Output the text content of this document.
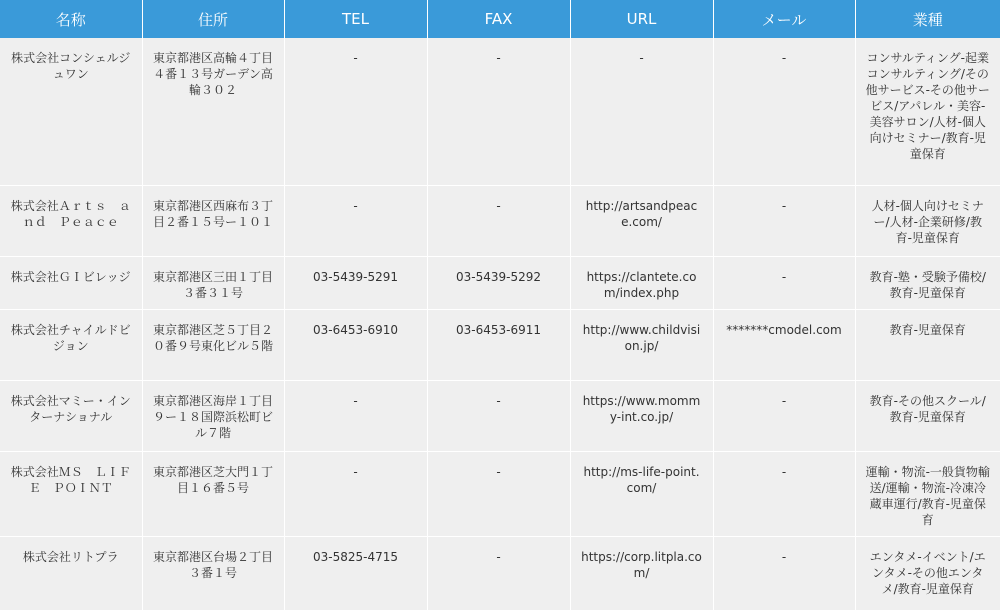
名称	住所	TEL	FAX	URL	メール	業種
株式会社コンシェルジュワン	東京都港区高輪４丁目４番１３号ガーデン高輪３０２	-	-	-	-	コンサルティング-起業コンサルティング/その他サービス-その他サービス/アパレル・美容-美容サロン/人材-個人向けセミナー/教育-児童保育
株式会社Ａｒｔｓ　ａｎｄ　Ｐｅａｃｅ	東京都港区西麻布３丁目２番１５号ー１０１	-	-	http://artsandpeace.com/	-	人材-個人向けセミナー/人材-企業研修/教育-児童保育
株式会社ＧＩビレッジ	東京都港区三田１丁目３番３１号	03-5439-5291	03-5439-5292	https://clantete.com/index.php	-	教育-塾・受験予備校/教育-児童保育
株式会社チャイルドビジョン	東京都港区芝５丁目２０番９号東化ビル５階	03-6453-6910	03-6453-6911	http://www.childvision.jp/	*******cmodel.com	教育-児童保育
株式会社マミー・インターナショナル	東京都港区海岸１丁目９ー１８国際浜松町ビル７階	-	-	https://www.mommy-int.co.jp/	-	教育-その他スクール/教育-児童保育
株式会社ＭＳ　ＬＩＦＥ　ＰＯＩＮＴ	東京都港区芝大門１丁目１６番５号	-	-	http://ms-life-point.com/	-	運輸・物流-一般貨物輸送/運輸・物流-冷凍冷蔵車運行/教育-児童保育
株式会社リトプラ	東京都港区台場２丁目３番１号	03-5825-4715	-	https://corp.litpla.com/	-	エンタメ-イベント/エンタメ-その他エンタメ/教育-児童保育
